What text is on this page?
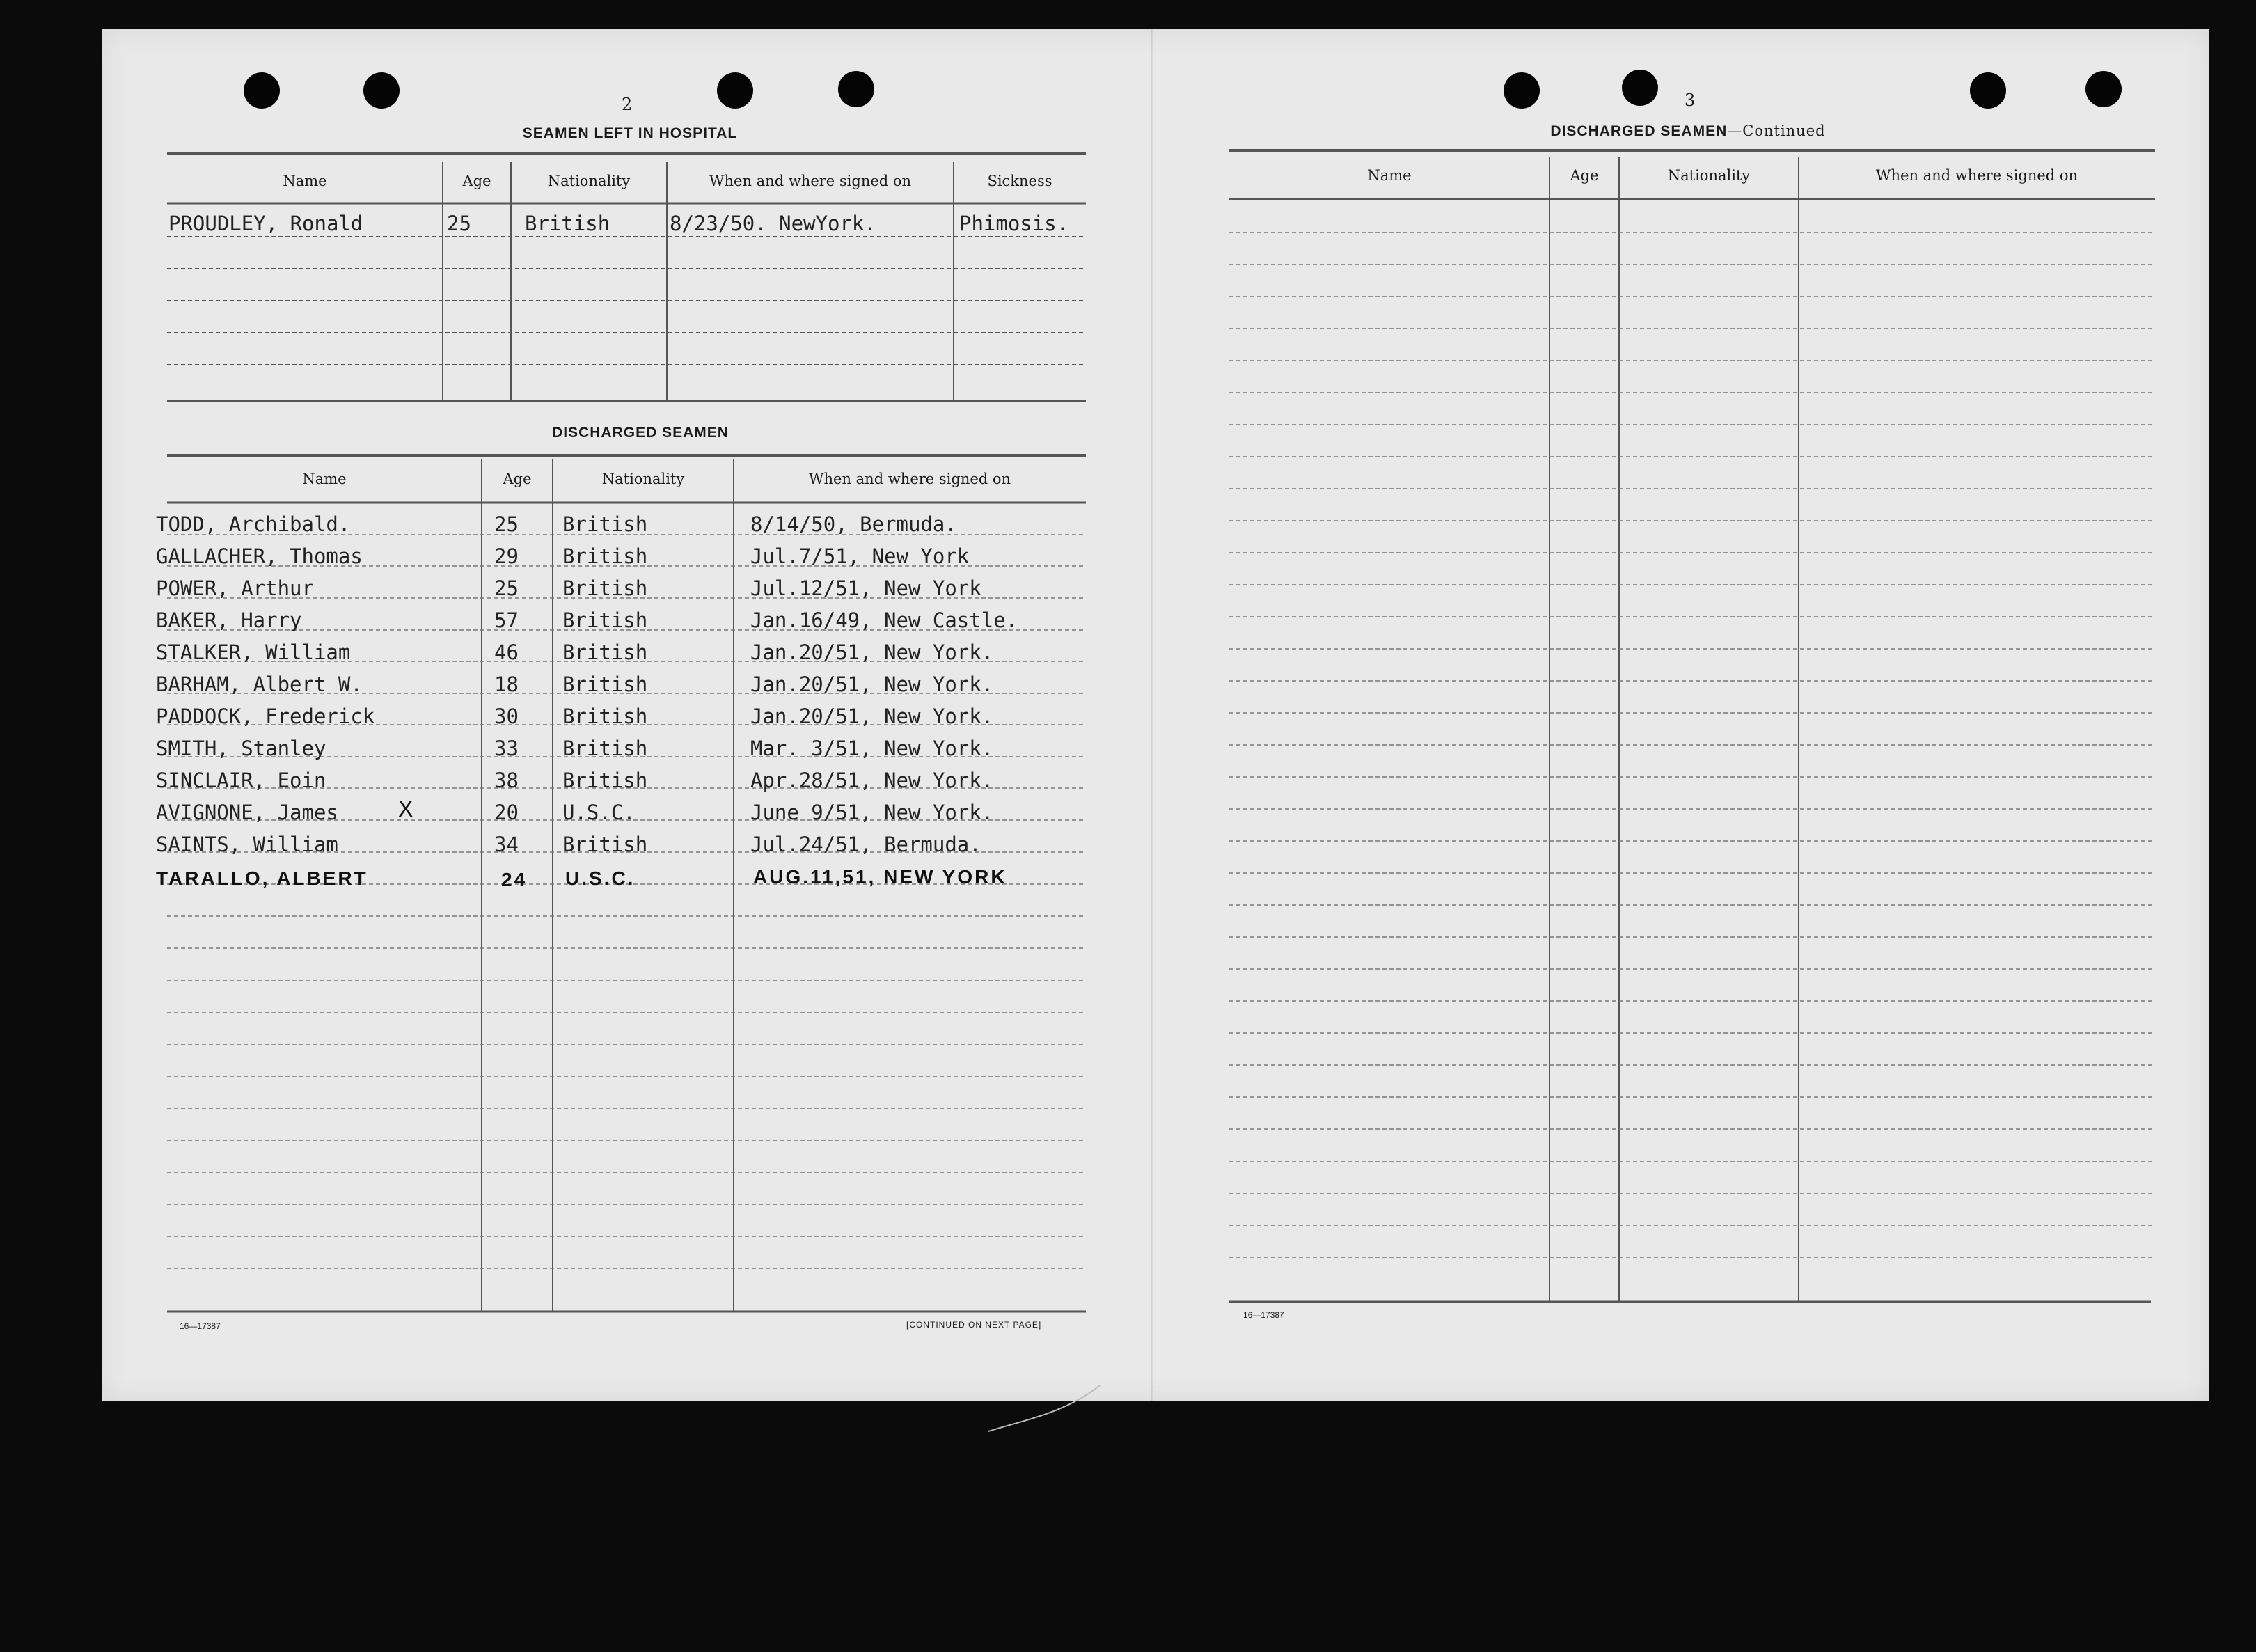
2
SEAMEN LEFT IN HOSPITAL
Name	Age	Nationality	When and where signed on	Sickness
PROUDLEY, Ronald	25	British	8/23/50. NewYork.	Phimosis.
DISCHARGED SEAMEN
Name	Age	Nationality	When and where signed on
TODD, Archibald.	25 British	8/14/50, Bermuda.
GALLACHER, Thomas	29 British	Jul.7/51, New York
POWER, Arthur	25 British	Jul.12/51, New York
BAKER, Harry	57 British	Jan.16/49, New Castle.
STALKER, William	46 British	Jan.20/51, New York.
BARHAM, Albert W.	18 British	Jan.20/51, New York.
PADDOCK, Frederick	30 British	Jan.20/51, New York.
SMITH, Stanley	33 British	Mar. 3/51, New York.
SINCLAIR, Eoin	38 British	Apr.28/51, New York.
AVIGNONE, James	X	20 U.S.C.	June 9/51, New York.
SAINTS, William	34 British	Jul.24/51, Bermuda.
TARALLO, ALBERT	24 U.S.C.	AUG.11,51, NEW YORK
16—17387	[CONTINUED ON NEXT PAGE]
3
DISCHARGED SEAMEN—Continued
Name	Age	Nationality	When and where signed on
16—17387
